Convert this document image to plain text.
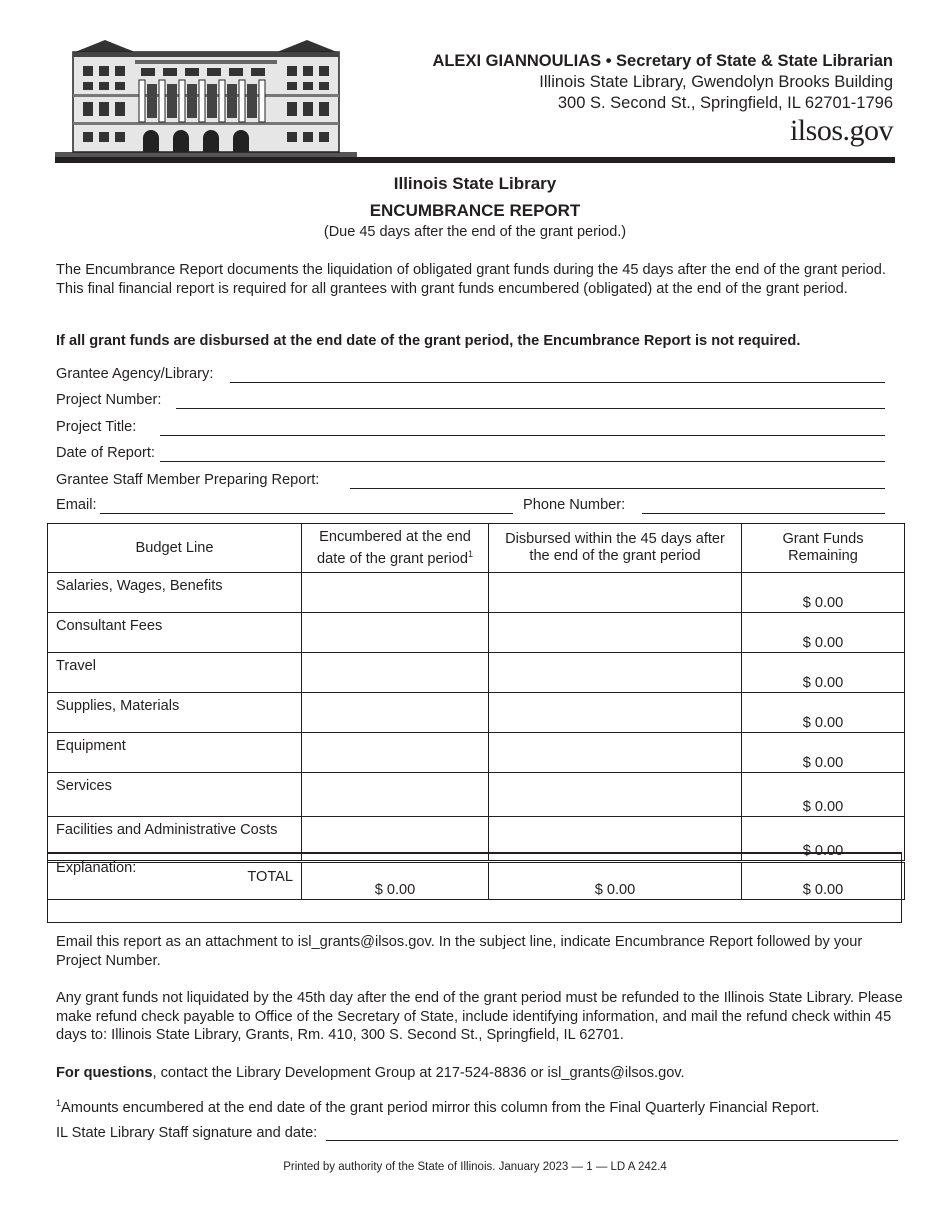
ALEXI GIANNOULIAS • Secretary of State & State Librarian
Illinois State Library, Gwendolyn Brooks Building
300 S. Second St., Springfield, IL 62701-1796
ilsos.gov
Illinois State Library
ENCUMBRANCE REPORT
(Due 45 days after the end of the grant period.)
The Encumbrance Report documents the liquidation of obligated grant funds during the 45 days after the end of the grant period. This final financial report is required for all grantees with grant funds encumbered (obligated) at the end of the grant period.
If all grant funds are disbursed at the end date of the grant period, the Encumbrance Report is not required.
Grantee Agency/Library:
Project Number:
Project Title:
Date of Report:
Grantee Staff Member Preparing Report:
Email:	Phone Number:
Budget Line	Encumbered at the end date of the grant period$^1$	Disbursed within the 45 days after the end of the grant period	Grant Funds Remaining
Salaries, Wages, Benefits			$ 0.00
Consultant Fees			$ 0.00
Travel			$ 0.00
Supplies, Materials			$ 0.00
Equipment			$ 0.00
Services			$ 0.00
Facilities and Administrative Costs			$ 0.00
TOTAL	$ 0.00	$ 0.00	$ 0.00
Explanation:
Email this report as an attachment to isl_grants@ilsos.gov. In the subject line, indicate Encumbrance Report followed by your Project Number.
Any grant funds not liquidated by the 45th day after the end of the grant period must be refunded to the Illinois State Library. Please make refund check payable to Office of the Secretary of State, include identifying information, and mail the refund check within 45 days to: Illinois State Library, Grants, Rm. 410, 300 S. Second St., Springfield, IL 62701.
For questions, contact the Library Development Group at 217-524-8836 or isl_grants@ilsos.gov.
$^1$Amounts encumbered at the end date of the grant period mirror this column from the Final Quarterly Financial Report.
IL State Library Staff signature and date:
Printed by authority of the State of Illinois. January 2023 — 1 — LD A 242.4
